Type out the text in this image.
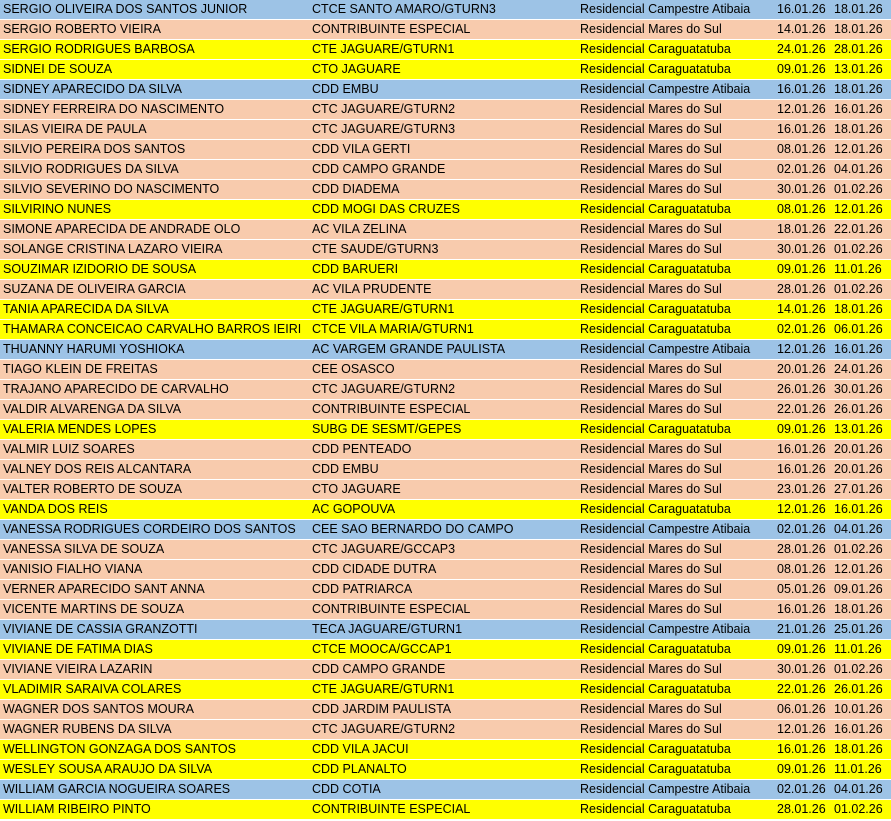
SERGIO OLIVEIRA DOS SANTOS JUNIOR	CTCE SANTO AMARO/GTURN3	Residencial Campestre Atibaia	16.01.26	18.01.26
SERGIO ROBERTO VIEIRA	CONTRIBUINTE ESPECIAL	Residencial Mares do Sul	14.01.26	18.01.26
SERGIO RODRIGUES BARBOSA	CTE JAGUARE/GTURN1	Residencial Caraguatatuba	24.01.26	28.01.26
SIDNEI DE SOUZA	CTO JAGUARE	Residencial Caraguatatuba	09.01.26	13.01.26
SIDNEY APARECIDO DA SILVA	CDD EMBU	Residencial Campestre Atibaia	16.01.26	18.01.26
SIDNEY FERREIRA DO NASCIMENTO	CTC JAGUARE/GTURN2	Residencial Mares do Sul	12.01.26	16.01.26
SILAS VIEIRA DE PAULA	CTC JAGUARE/GTURN3	Residencial Mares do Sul	16.01.26	18.01.26
SILVIO PEREIRA DOS SANTOS	CDD VILA GERTI	Residencial Mares do Sul	08.01.26	12.01.26
SILVIO RODRIGUES DA SILVA	CDD CAMPO GRANDE	Residencial Mares do Sul	02.01.26	04.01.26
SILVIO SEVERINO DO NASCIMENTO	CDD DIADEMA	Residencial Mares do Sul	30.01.26	01.02.26
SILVIRINO NUNES	CDD MOGI DAS CRUZES	Residencial Caraguatatuba	08.01.26	12.01.26
SIMONE APARECIDA DE ANDRADE OLO	AC VILA ZELINA	Residencial Mares do Sul	18.01.26	22.01.26
SOLANGE CRISTINA LAZARO VIEIRA	CTE SAUDE/GTURN3	Residencial Mares do Sul	30.01.26	01.02.26
SOUZIMAR IZIDORIO DE SOUSA	CDD BARUERI	Residencial Caraguatatuba	09.01.26	11.01.26
SUZANA DE OLIVEIRA GARCIA	AC VILA PRUDENTE	Residencial Mares do Sul	28.01.26	01.02.26
TANIA APARECIDA DA SILVA	CTE JAGUARE/GTURN1	Residencial Caraguatatuba	14.01.26	18.01.26
THAMARA CONCEICAO CARVALHO BARROS IEIRI	CTCE VILA MARIA/GTURN1	Residencial Caraguatatuba	02.01.26	06.01.26
THUANNY HARUMI YOSHIOKA	AC VARGEM GRANDE PAULISTA	Residencial Campestre Atibaia	12.01.26	16.01.26
TIAGO KLEIN DE FREITAS	CEE OSASCO	Residencial Mares do Sul	20.01.26	24.01.26
TRAJANO APARECIDO DE CARVALHO	CTC JAGUARE/GTURN2	Residencial Mares do Sul	26.01.26	30.01.26
VALDIR ALVARENGA DA SILVA	CONTRIBUINTE ESPECIAL	Residencial Mares do Sul	22.01.26	26.01.26
VALERIA MENDES LOPES	SUBG DE SESMT/GEPES	Residencial Caraguatatuba	09.01.26	13.01.26
VALMIR LUIZ SOARES	CDD PENTEADO	Residencial Mares do Sul	16.01.26	20.01.26
VALNEY DOS REIS ALCANTARA	CDD EMBU	Residencial Mares do Sul	16.01.26	20.01.26
VALTER ROBERTO DE SOUZA	CTO JAGUARE	Residencial Mares do Sul	23.01.26	27.01.26
VANDA DOS REIS	AC GOPOUVA	Residencial Caraguatatuba	12.01.26	16.01.26
VANESSA RODRIGUES CORDEIRO DOS SANTOS	CEE SAO BERNARDO DO CAMPO	Residencial Campestre Atibaia	02.01.26	04.01.26
VANESSA SILVA DE SOUZA	CTC JAGUARE/GCCAP3	Residencial Mares do Sul	28.01.26	01.02.26
VANISIO FIALHO VIANA	CDD CIDADE DUTRA	Residencial Mares do Sul	08.01.26	12.01.26
VERNER APARECIDO SANT ANNA	CDD PATRIARCA	Residencial Mares do Sul	05.01.26	09.01.26
VICENTE MARTINS DE SOUZA	CONTRIBUINTE ESPECIAL	Residencial Mares do Sul	16.01.26	18.01.26
VIVIANE DE CASSIA GRANZOTTI	TECA JAGUARE/GTURN1	Residencial Campestre Atibaia	21.01.26	25.01.26
VIVIANE DE FATIMA DIAS	CTCE MOOCA/GCCAP1	Residencial Caraguatatuba	09.01.26	11.01.26
VIVIANE VIEIRA LAZARIN	CDD CAMPO GRANDE	Residencial Mares do Sul	30.01.26	01.02.26
VLADIMIR SARAIVA COLARES	CTE JAGUARE/GTURN1	Residencial Caraguatatuba	22.01.26	26.01.26
WAGNER DOS SANTOS MOURA	CDD JARDIM PAULISTA	Residencial Mares do Sul	06.01.26	10.01.26
WAGNER RUBENS DA SILVA	CTC JAGUARE/GTURN2	Residencial Mares do Sul	12.01.26	16.01.26
WELLINGTON GONZAGA DOS SANTOS	CDD VILA JACUI	Residencial Caraguatatuba	16.01.26	18.01.26
WESLEY SOUSA ARAUJO DA SILVA	CDD PLANALTO	Residencial Caraguatatuba	09.01.26	11.01.26
WILLIAM GARCIA NOGUEIRA SOARES	CDD COTIA	Residencial Campestre Atibaia	02.01.26	04.01.26
WILLIAM RIBEIRO PINTO	CONTRIBUINTE ESPECIAL	Residencial Caraguatatuba	28.01.26	01.02.26
